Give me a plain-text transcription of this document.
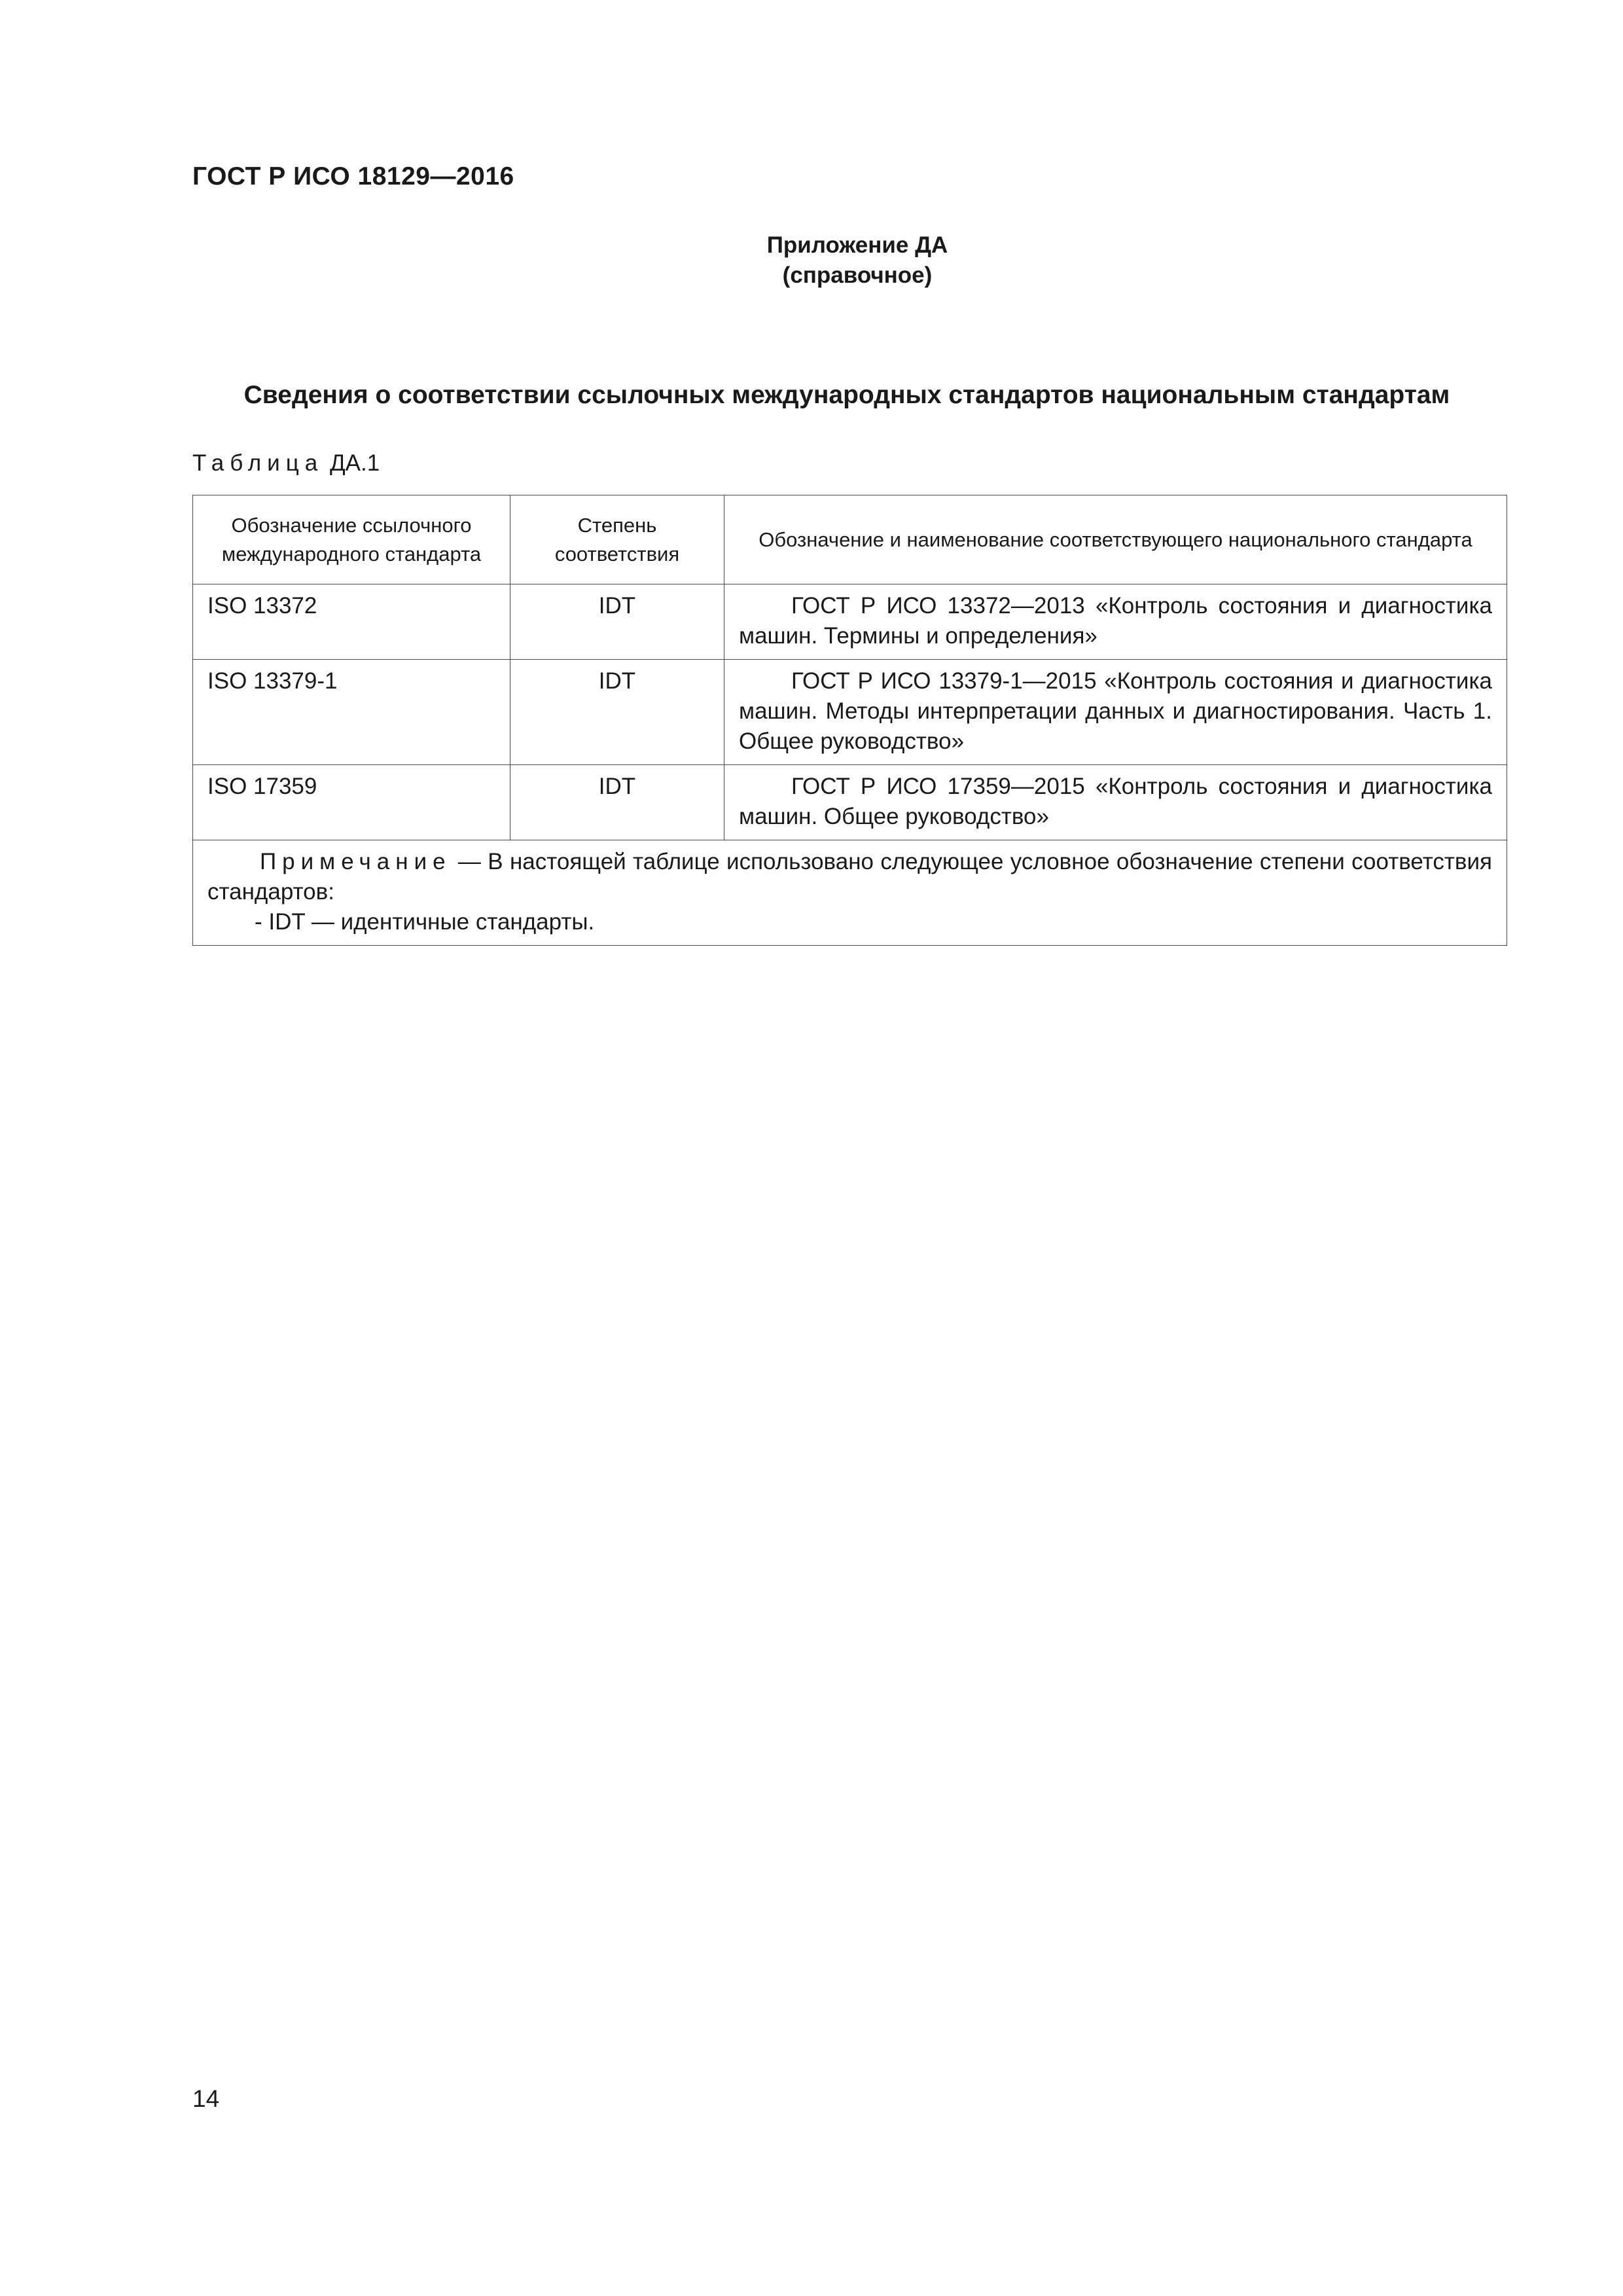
ГОСТ Р ИСО 18129—2016
Приложение ДА
(справочное)
Сведения о соответствии ссылочных международных стандартов национальным стандартам
Таблица ДА.1
Обозначение ссылочного международного стандарта	Степень соответствия	Обозначение и наименование соответствующего национального стандарта

ISO 13372	IDT	ГОСТ Р ИСО 13372—2013 «Контроль состояния и диагностика машин. Термины и определения»

ISO 13379-1	IDT	ГОСТ Р ИСО 13379-1—2015 «Контроль состояния и диагностика машин. Методы интерпретации данных и диагностирования. Часть 1. Общее руководство»

ISO 17359	IDT	ГОСТ Р ИСО 17359—2015 «Контроль состояния и диагностика машин. Общее руководство»

Примечание — В настоящей таблице использовано следующее условное обозначение степени соответствия стандартов:
- IDT — идентичные стандарты.		
14
